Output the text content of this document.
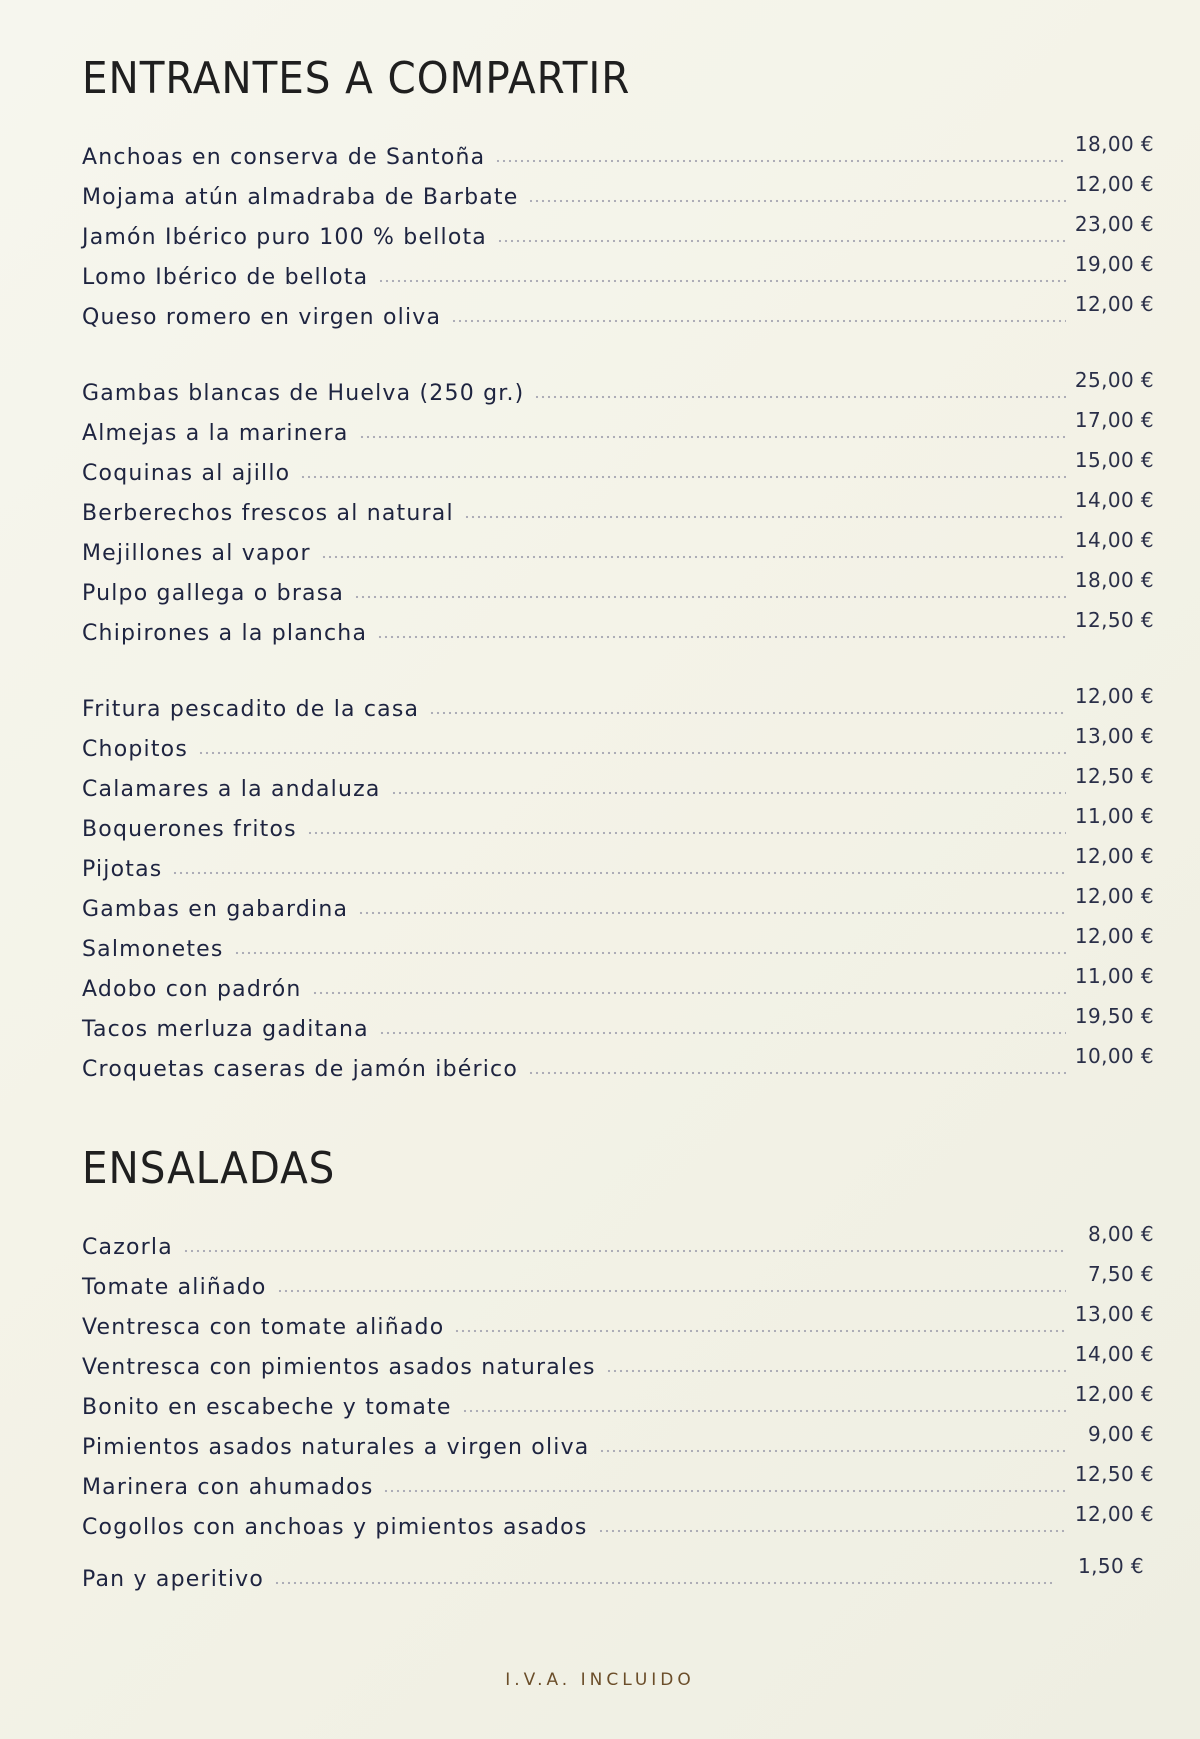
ENTRANTES A COMPARTIR
Anchoas en conserva de Santoña
18,00 €
Mojama atún almadraba de Barbate
12,00 €
Jamón Ibérico puro 100 % bellota
23,00 €
Lomo Ibérico de bellota
19,00 €
Queso romero en virgen oliva
12,00 €
Gambas blancas de Huelva (250 gr.)
25,00 €
Almejas a la marinera
17,00 €
Coquinas al ajillo
15,00 €
Berberechos frescos al natural
14,00 €
Mejillones al vapor
14,00 €
Pulpo gallega o brasa
18,00 €
Chipirones a la plancha
12,50 €
Fritura pescadito de la casa
12,00 €
Chopitos
13,00 €
Calamares a la andaluza
12,50 €
Boquerones fritos
11,00 €
Pijotas
12,00 €
Gambas en gabardina
12,00 €
Salmonetes
12,00 €
Adobo con padrón
11,00 €
Tacos merluza gaditana
19,50 €
Croquetas caseras de jamón ibérico
10,00 €
ENSALADAS
Cazorla
8,00 €
Tomate aliñado
7,50 €
Ventresca con tomate aliñado
13,00 €
Ventresca con pimientos asados naturales
14,00 €
Bonito en escabeche y tomate
12,00 €
Pimientos asados naturales a virgen oliva
9,00 €
Marinera con ahumados
12,50 €
Cogollos con anchoas y pimientos asados
12,00 €
Pan y aperitivo
1,50 €
I.V.A. INCLUIDO
